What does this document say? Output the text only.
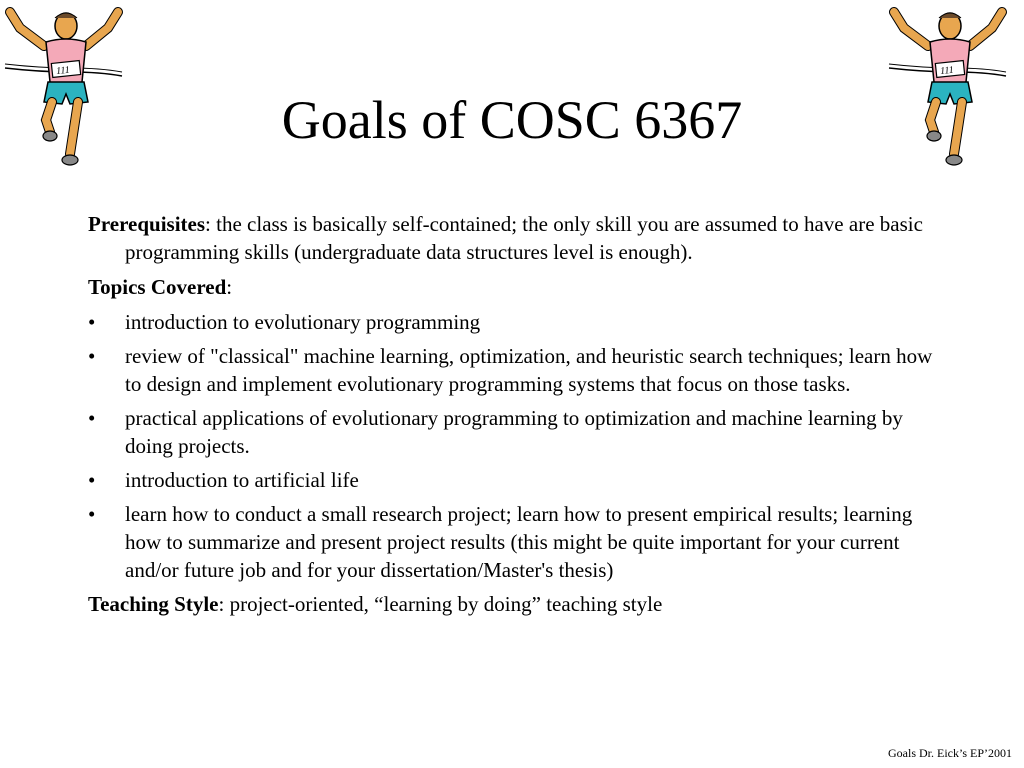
111	111
Goals of COSC 6367

Prerequisites: the class is basically self-contained; the only skill you are assumed to have are basic programming skills (undergraduate data structures level is enough).

Topics Covered:

• introduction to evolutionary programming
• review of "classical" machine learning, optimization, and heuristic search techniques; learn how to design and implement evolutionary programming systems that focus on those tasks.
• practical applications of evolutionary programming to optimization and machine learning by doing projects.
• introduction to artificial life
• learn how to conduct a small research project; learn how to present empirical results; learning how to summarize and present project results (this might be quite important for your current and/or future job and for your dissertation/Master's thesis)

Teaching Style: project-oriented, “learning by doing” teaching style

Goals Dr. Eick’s EP’2001
